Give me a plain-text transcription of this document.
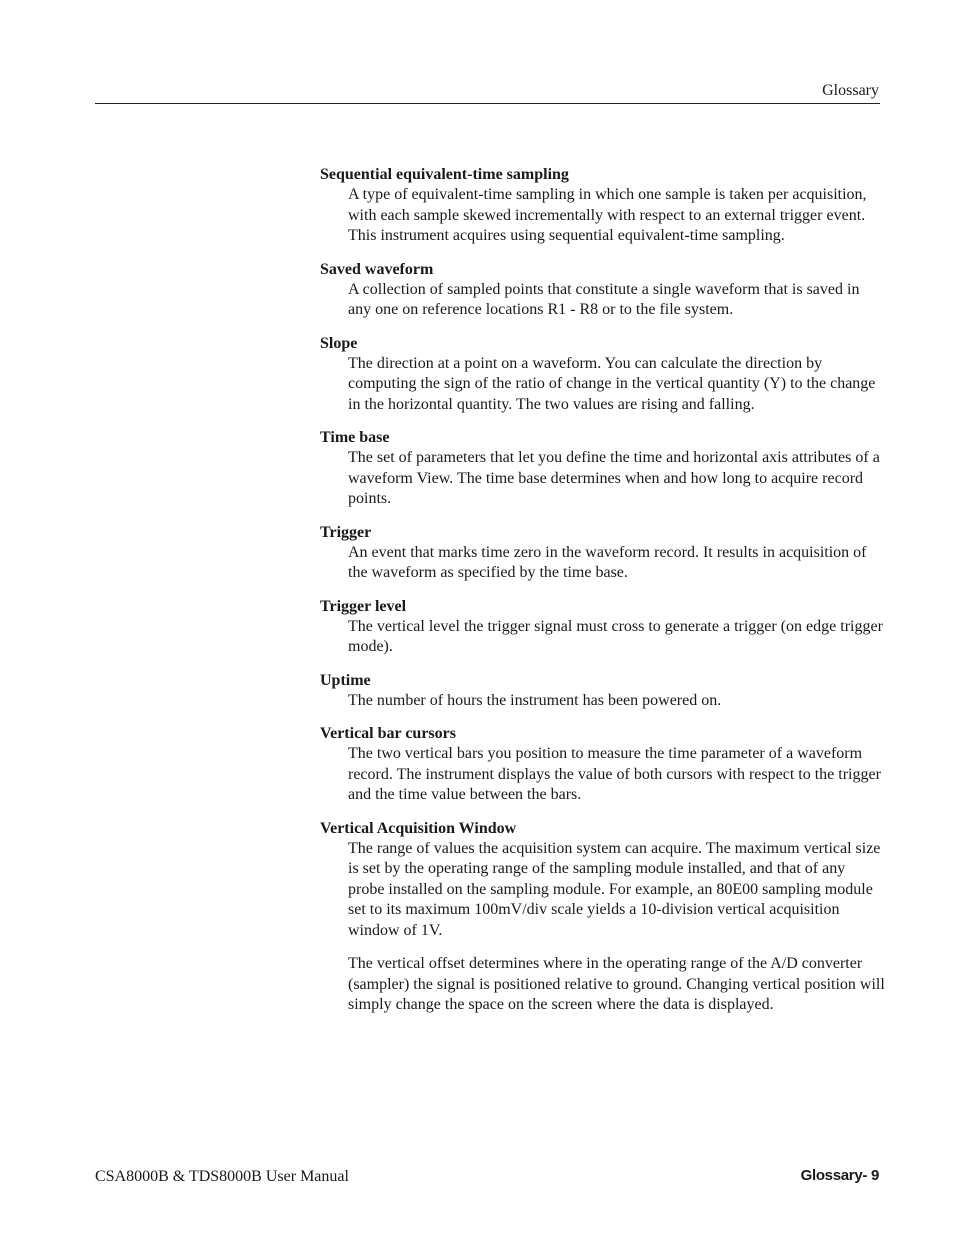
Glossary
Sequential equivalent-time sampling

A type of equivalent-time sampling in which one sample is taken per acquisition, with each sample skewed incrementally with respect to an external trigger event. This instrument acquires using sequential equivalent-time sampling.

Saved waveform

A collection of sampled points that constitute a single waveform that is saved in any one on reference locations R1 - R8 or to the file system.

Slope

The direction at a point on a waveform. You can calculate the direction by computing the sign of the ratio of change in the vertical quantity (Y) to the change in the horizontal quantity. The two values are rising and falling.

Time base

The set of parameters that let you define the time and horizontal axis attributes of a waveform View. The time base determines when and how long to acquire record points.

Trigger

An event that marks time zero in the waveform record. It results in acquisition of the waveform as specified by the time base.

Trigger level

The vertical level the trigger signal must cross to generate a trigger (on edge trigger mode).

Uptime

The number of hours the instrument has been powered on.

Vertical bar cursors

The two vertical bars you position to measure the time parameter of a waveform record. The instrument displays the value of both cursors with respect to the trigger and the time value between the bars.

Vertical Acquisition Window

The range of values the acquisition system can acquire. The maximum vertical size is set by the operating range of the sampling module installed, and that of any probe installed on the sampling module. For example, an 80E00 sampling module set to its maximum 100mV/div scale yields a 10-division vertical acquisition window of 1V.

The vertical offset determines where in the operating range of the A/D converter (sampler) the signal is positioned relative to ground. Changing vertical position will simply change the space on the screen where the data is displayed.

CSA8000B & TDS8000B User Manual	Glossary- 9
